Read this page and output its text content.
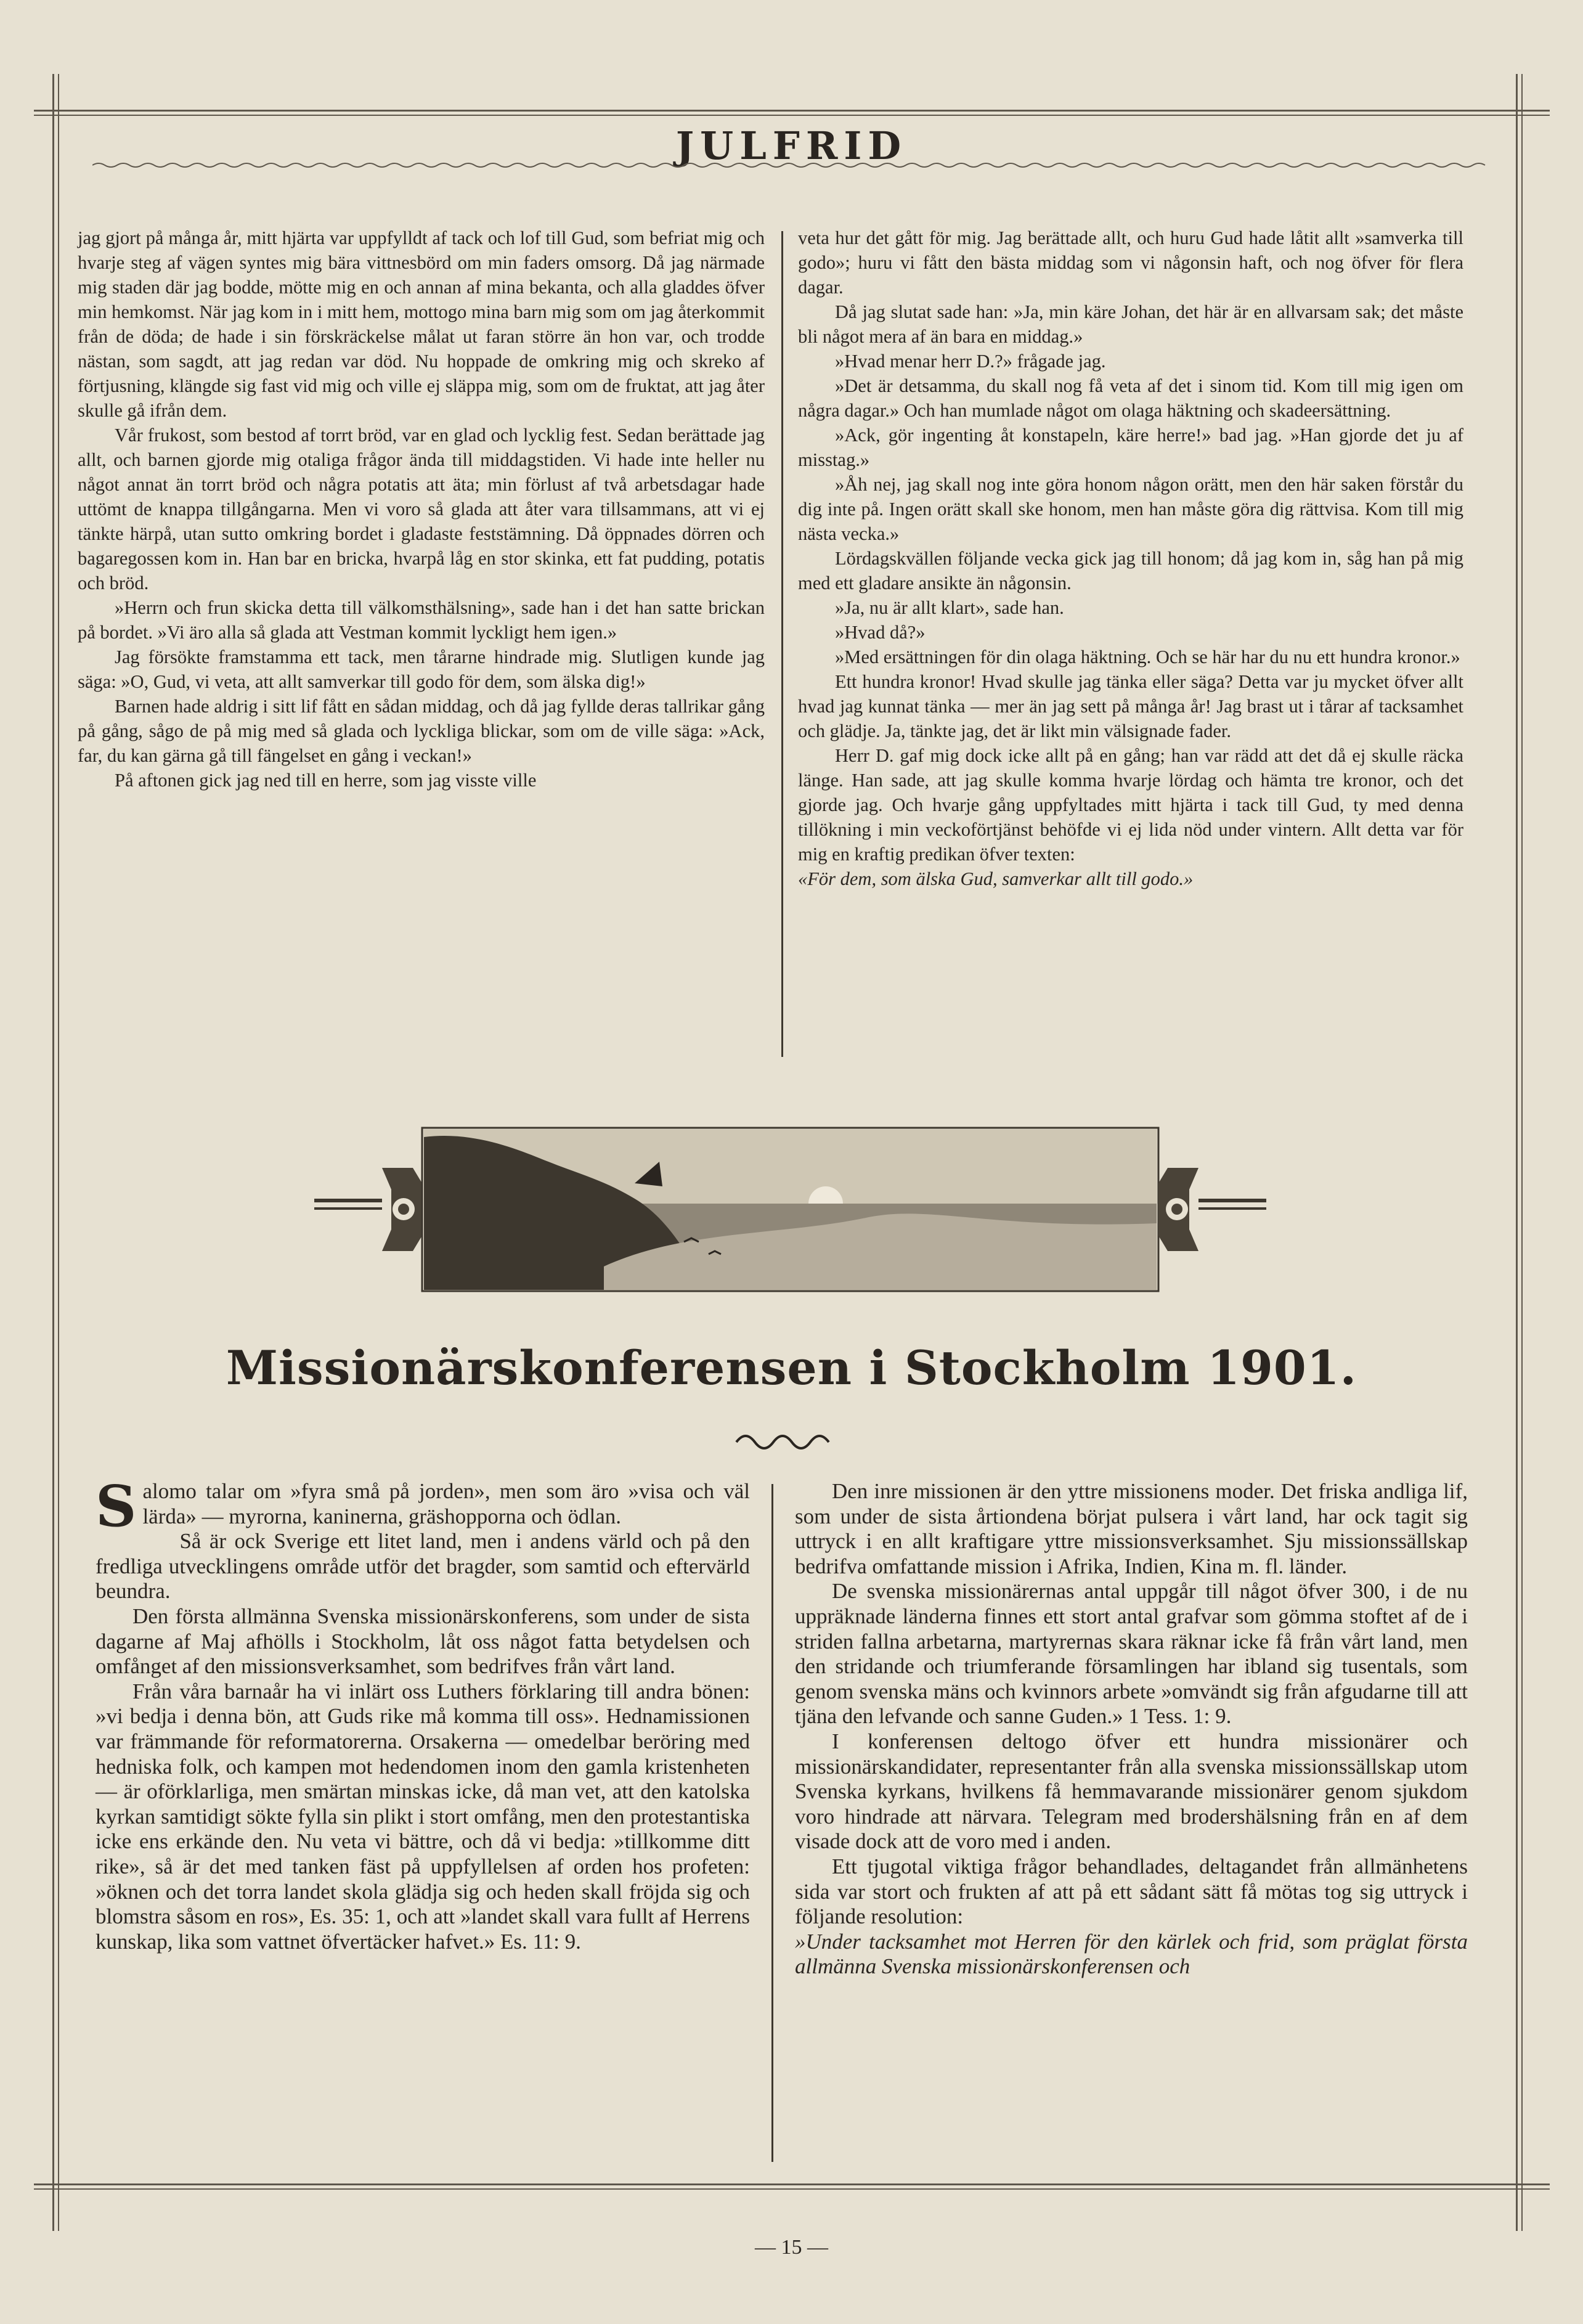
JULFRID

jag gjort på många år, mitt hjärta var uppfylldt af tack och lof till Gud, som befriat mig och hvarje steg af vägen syntes mig bära vittnesbörd om min faders omsorg. Då jag närmade mig staden där jag bodde, mötte mig en och annan af mina bekanta, och alla gladdes öfver min hemkomst. När jag kom in i mitt hem, mottogo mina barn mig som om jag återkommit från de döda; de hade i sin förskräckelse målat ut faran större än hon var, och trodde nästan, som sagdt, att jag redan var död. Nu hoppade de omkring mig och skreko af förtjusning, klängde sig fast vid mig och ville ej släppa mig, som om de fruktat, att jag åter skulle gå ifrån dem.

Vår frukost, som bestod af torrt bröd, var en glad och lycklig fest. Sedan berättade jag allt, och barnen gjorde mig otaliga frågor ända till middagstiden. Vi hade inte heller nu något annat än torrt bröd och några potatis att äta; min förlust af två arbetsdagar hade uttömt de knappa tillgångarna. Men vi voro så glada att åter vara tillsammans, att vi ej tänkte härpå, utan sutto omkring bordet i gladaste feststämning. Då öppnades dörren och bagaregossen kom in. Han bar en bricka, hvarpå låg en stor skinka, ett fat pudding, potatis och bröd.

»Herrn och frun skicka detta till välkomsthälsning», sade han i det han satte brickan på bordet. »Vi äro alla så glada att Vestman kommit lyckligt hem igen.»

Jag försökte framstamma ett tack, men tårarne hindrade mig. Slutligen kunde jag säga: »O, Gud, vi veta, att allt samverkar till godo för dem, som älska dig!»

Barnen hade aldrig i sitt lif fått en sådan middag, och då jag fyllde deras tallrikar gång på gång, sågo de på mig med så glada och lyckliga blickar, som om de ville säga: »Ack, far, du kan gärna gå till fängelset en gång i veckan!»

På aftonen gick jag ned till en herre, som jag visste ville

veta hur det gått för mig. Jag berättade allt, och huru Gud hade låtit allt »samverka till godo»; huru vi fått den bästa middag som vi någonsin haft, och nog öfver för flera dagar.

Då jag slutat sade han: »Ja, min käre Johan, det här är en allvarsam sak; det måste bli något mera af än bara en middag.»

»Hvad menar herr D.?» frågade jag.

»Det är detsamma, du skall nog få veta af det i sinom tid. Kom till mig igen om några dagar.» Och han mumlade något om olaga häktning och skadeersättning.

»Ack, gör ingenting åt konstapeln, käre herre!» bad jag. »Han gjorde det ju af misstag.»

»Åh nej, jag skall nog inte göra honom någon orätt, men den här saken förstår du dig inte på. Ingen orätt skall ske honom, men han måste göra dig rättvisa. Kom till mig nästa vecka.»

Lördagskvällen följande vecka gick jag till honom; då jag kom in, såg han på mig med ett gladare ansikte än någonsin.

»Ja, nu är allt klart», sade han.

»Hvad då?»

»Med ersättningen för din olaga häktning. Och se här har du nu ett hundra kronor.»

Ett hundra kronor! Hvad skulle jag tänka eller säga? Detta var ju mycket öfver allt hvad jag kunnat tänka — mer än jag sett på många år! Jag brast ut i tårar af tacksamhet och glädje. Ja, tänkte jag, det är likt min välsignade fader.

Herr D. gaf mig dock icke allt på en gång; han var rädd att det då ej skulle räcka länge. Han sade, att jag skulle komma hvarje lördag och hämta tre kronor, och det gjorde jag. Och hvarje gång uppfyltades mitt hjärta i tack till Gud, ty med denna tillökning i min veckoförtjänst behöfde vi ej lida nöd under vintern. Allt detta var för mig en kraftig predikan öfver texten:

«För dem, som älska Gud, samverkar allt till godo.»

Missionärskonferensen i Stockholm 1901.

Salomo talar om »fyra små på jorden», men som äro »visa och väl lärda» — myrorna, kaninerna, gräshopporna och ödlan.

Så är ock Sverige ett litet land, men i andens värld och på den fredliga utvecklingens område utför det bragder, som samtid och eftervärld beundra.

Den första allmänna Svenska missionärskonferens, som under de sista dagarne af Maj afhölls i Stockholm, låt oss något fatta betydelsen och omfånget af den missionsverksamhet, som bedrifves från vårt land.

Från våra barnaår ha vi inlärt oss Luthers förklaring till andra bönen: »vi bedja i denna bön, att Guds rike må komma till oss». Hednamissionen var främmande för reformatorerna. Orsakerna — omedelbar beröring med hedniska folk, och kampen mot hedendomen inom den gamla kristenheten — är oförklarliga, men smärtan minskas icke, då man vet, att den katolska kyrkan samtidigt sökte fylla sin plikt i stort omfång, men den protestantiska icke ens erkände den. Nu veta vi bättre, och då vi bedja: »tillkomme ditt rike», så är det med tanken fäst på uppfyllelsen af orden hos profeten: »öknen och det torra landet skola glädja sig och heden skall fröjda sig och blomstra såsom en ros», Es. 35: 1, och att »landet skall vara fullt af Herrens kunskap, lika som vattnet öfvertäcker hafvet.» Es. 11: 9.

Den inre missionen är den yttre missionens moder. Det friska andliga lif, som under de sista årtiondena börjat pulsera i vårt land, har ock tagit sig uttryck i en allt kraftigare yttre missionsverksamhet. Sju missionssällskap bedrifva omfattande mission i Afrika, Indien, Kina m. fl. länder.

De svenska missionärernas antal uppgår till något öfver 300, i de nu uppräknade länderna finnes ett stort antal grafvar som gömma stoftet af de i striden fallna arbetarna, martyrernas skara räknar icke få från vårt land, men den stridande och triumferande församlingen har ibland sig tusentals, som genom svenska mäns och kvinnors arbete »omvändt sig från afgudarne till att tjäna den lefvande och sanne Guden.» 1 Tess. 1: 9.

I konferensen deltogo öfver ett hundra missionärer och missionärskandidater, representanter från alla svenska missionssällskap utom Svenska kyrkans, hvilkens få hemmavarande missionärer genom sjukdom voro hindrade att närvara. Telegram med brodershälsning från en af dem visade dock att de voro med i anden.

Ett tjugotal viktiga frågor behandlades, deltagandet från allmänhetens sida var stort och frukten af att på ett sådant sätt få mötas tog sig uttryck i följande resolution:

»Under tacksamhet mot Herren för den kärlek och frid, som präglat första allmänna Svenska missionärskonferensen och

— 15 —
